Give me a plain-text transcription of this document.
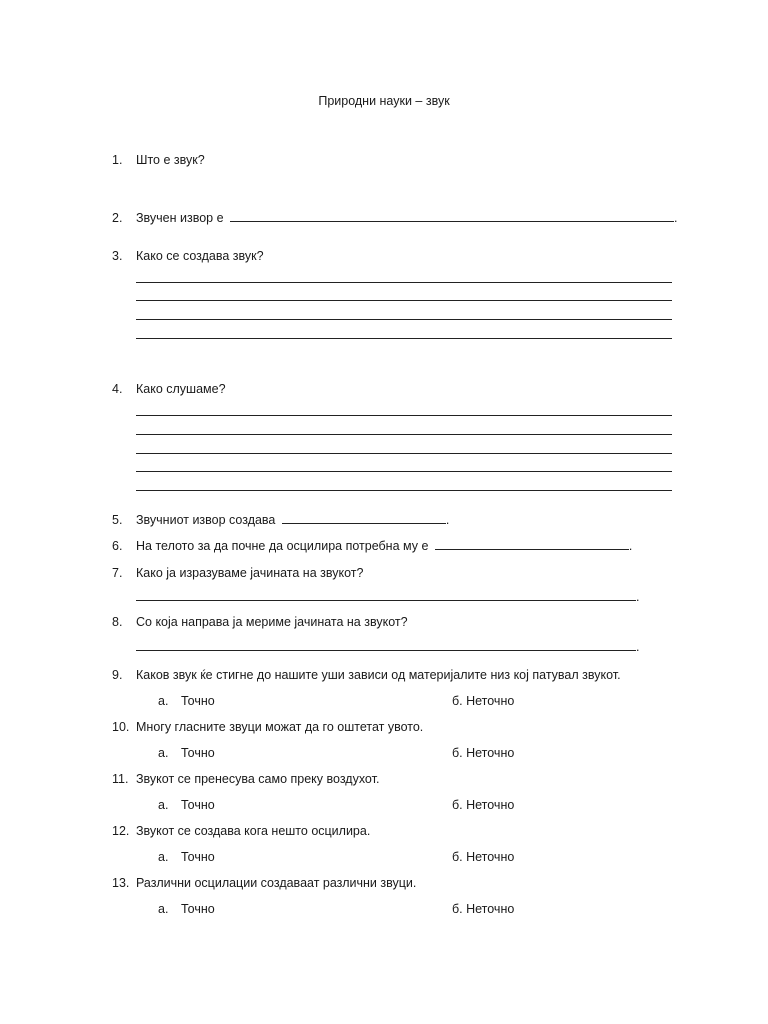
Природни науки – звук
1.	Што е звук?
2.	Звучен извор е	.
3.	Како се создава звук?
4.	Како слушаме?
5.	Звучниот извор создава	.
6.	На телото за да почне да осцилира потребна му е	.
7.	Како ја изразуваме јачината на звукот?
.
8.	Со која направа ја мериме јачината на звукот?
.
9.	Каков звук ќе стигне до нашите уши зависи од материјалите низ кој патувал звукот.
а. Точно	б. Неточно
10. Многу гласните звуци можат да го оштетат увото.
а. Точно	б. Неточно
11. Звукот се пренесува само преку воздухот.
а. Точно	б. Неточно
12. Звукот се создава кога нешто осцилира.
а. Точно	б. Неточно
13. Различни осцилации создаваат различни звуци.
а. Точно	б. Неточно
